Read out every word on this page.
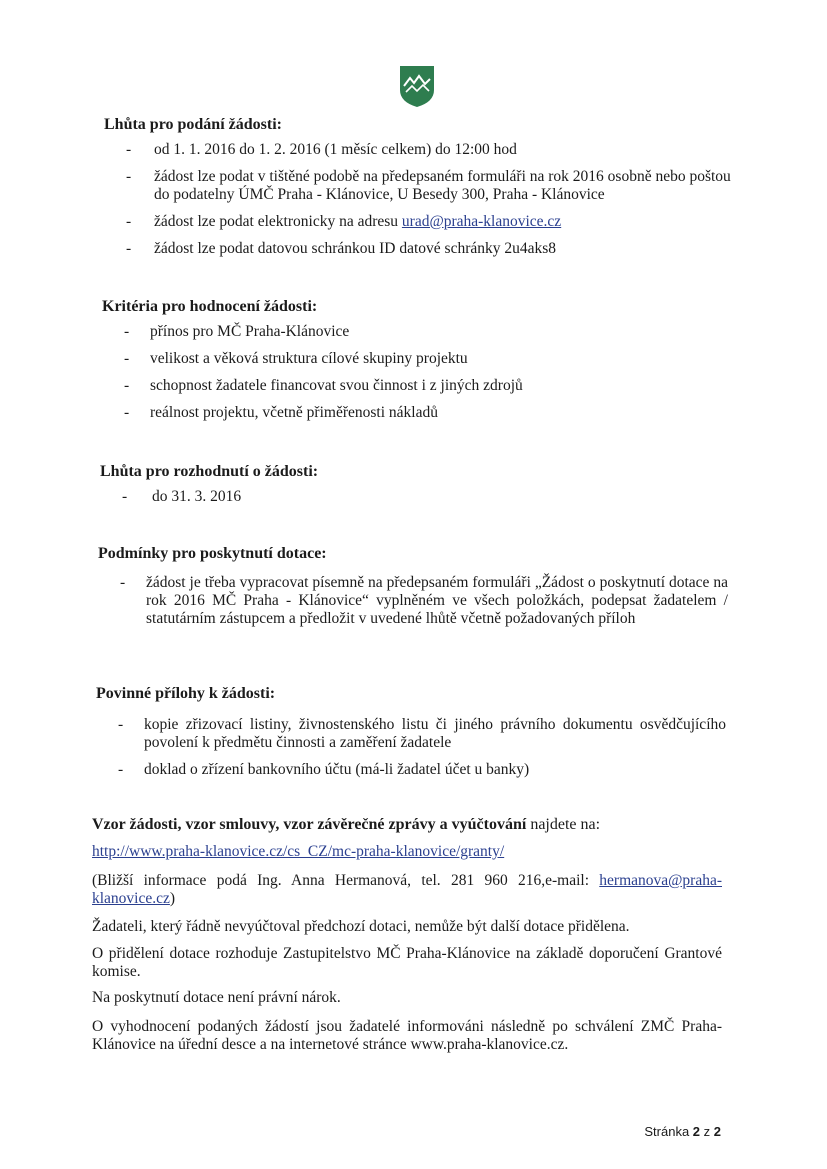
Lhůta pro podání žádosti:
- od 1. 1. 2016 do 1. 2. 2016 (1 měsíc celkem) do 12:00 hod
- žádost lze podat v tištěné podobě na předepsaném formuláři na rok 2016 osobně nebo poštou do podatelny ÚMČ Praha - Klánovice, U Besedy 300, Praha - Klánovice
- žádost lze podat elektronicky na adresu urad@praha-klanovice.cz
- žádost lze podat datovou schránkou ID datové schránky 2u4aks8
Kritéria pro hodnocení žádosti:
- přínos pro MČ Praha-Klánovice
- velikost a věková struktura cílové skupiny projektu
- schopnost žadatele financovat svou činnost i z jiných zdrojů
- reálnost projektu, včetně přiměřenosti nákladů
Lhůta pro rozhodnutí o žádosti:
- do 31. 3. 2016
Podmínky pro poskytnutí dotace:
- žádost je třeba vypracovat písemně na předepsaném formuláři „Žádost o poskytnutí dotace na rok 2016 MČ Praha - Klánovice“ vyplněném ve všech položkách, podepsat žadatelem / statutárním zástupcem a předložit v uvedené lhůtě včetně požadovaných příloh
Povinné přílohy k žádosti:
- kopie zřizovací listiny, živnostenského listu či jiného právního dokumentu osvědčujícího povolení k předmětu činnosti a zaměření žadatele
- doklad o zřízení bankovního účtu (má-li žadatel účet u banky)
Vzor žádosti, vzor smlouvy, vzor závěrečné zprávy a vyúčtování najdete na:
http://www.praha-klanovice.cz/cs_CZ/mc-praha-klanovice/granty/
(Bližší informace podá Ing. Anna Hermanová, tel. 281 960 216,e-mail: hermanova@praha-klanovice.cz)
Žadateli, který řádně nevyúčtoval předchozí dotaci, nemůže být další dotace přidělena.
O přidělení dotace rozhoduje Zastupitelstvo MČ Praha-Klánovice na základě doporučení Grantové komise.
Na poskytnutí dotace není právní nárok.
O vyhodnocení podaných žádostí jsou žadatelé informováni následně po schválení ZMČ Praha-Klánovice na úřední desce a na internetové stránce www.praha-klanovice.cz.
Stránka 2 z 2
